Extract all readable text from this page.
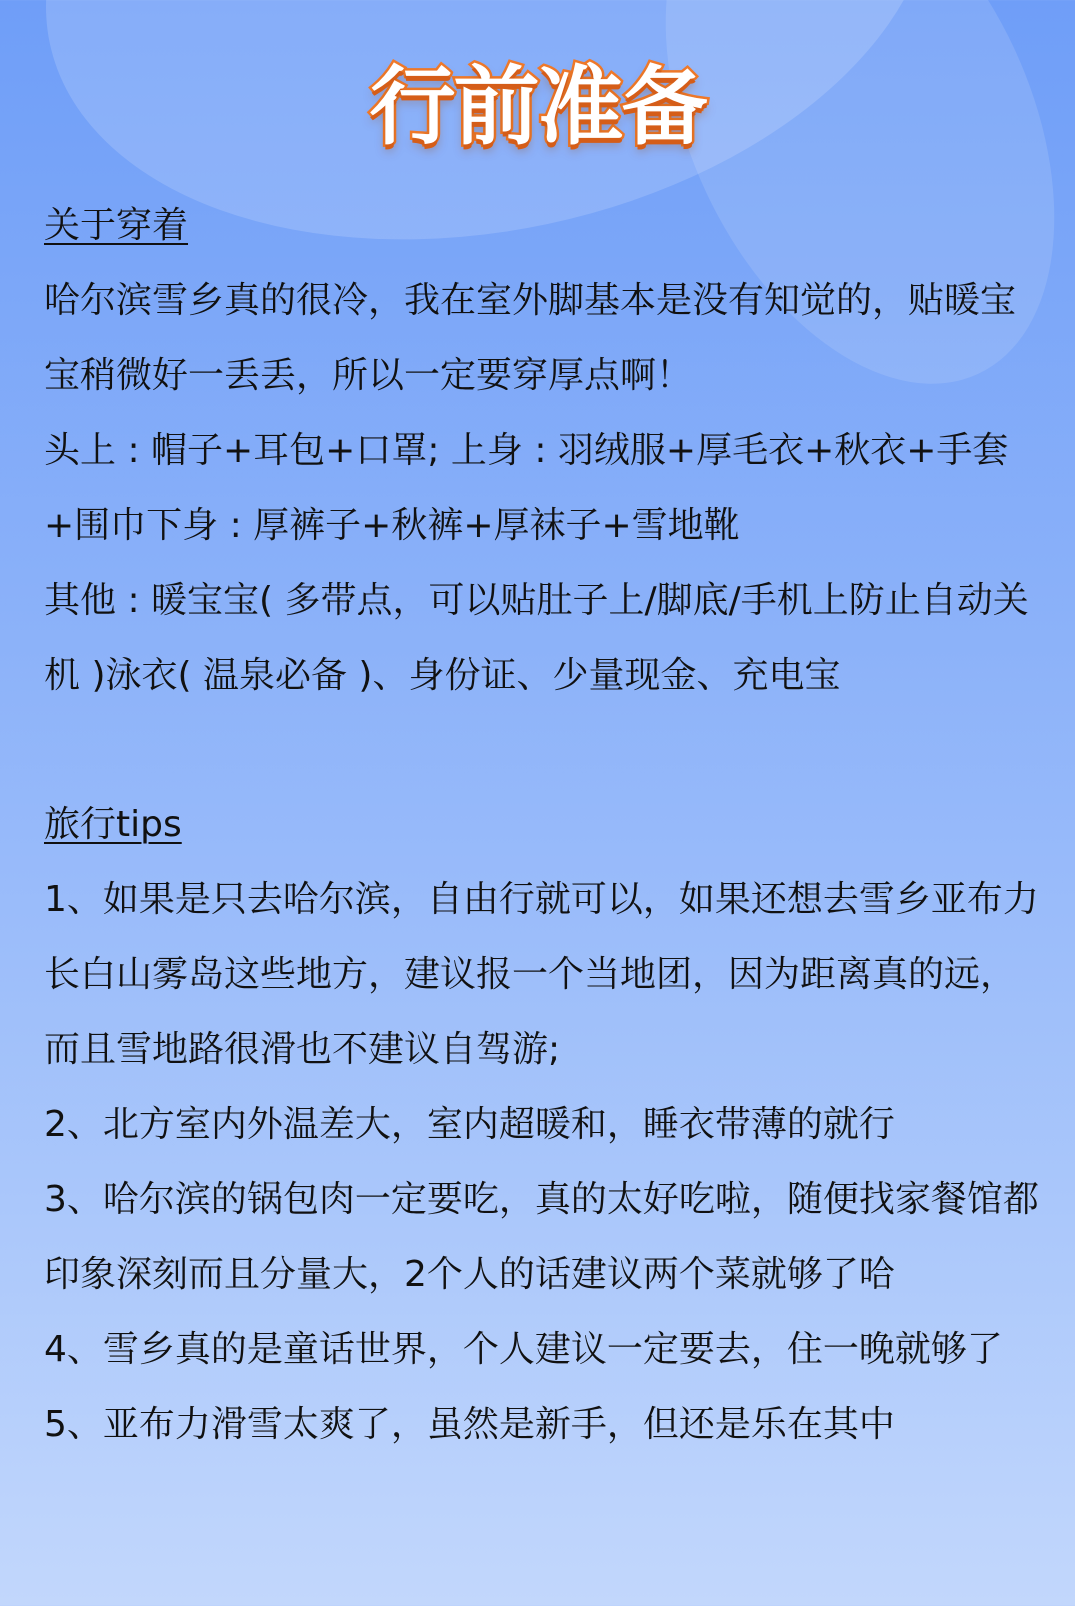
行前准备
关于穿着

哈尔滨雪乡真的很冷，我在室外脚基本是没有知觉的，贴暖宝宝稍微好一丢丢，所以一定要穿厚点啊！

头上 : 帽子+耳包+口罩; 上身 : 羽绒服+厚毛衣+秋衣+手套+围巾下身 : 厚裤子+秋裤+厚袜子+雪地靴

其他 : 暖宝宝( 多带点，可以贴肚子上/脚底/手机上防止自动关机 )泳衣( 温泉必备 )、身份证、少量现金、充电宝

旅行tips

1、如果是只去哈尔滨，自由行就可以，如果还想去雪乡亚布力长白山雾岛这些地方，建议报一个当地团，因为距离真的远，而且雪地路很滑也不建议自驾游;

2、北方室内外温差大，室内超暖和，睡衣带薄的就行

3、哈尔滨的锅包肉一定要吃，真的太好吃啦，随便找家餐馆都印象深刻而且分量大，2个人的话建议两个菜就够了哈

4、雪乡真的是童话世界，个人建议一定要去，住一晚就够了

5、亚布力滑雪太爽了，虽然是新手，但还是乐在其中
